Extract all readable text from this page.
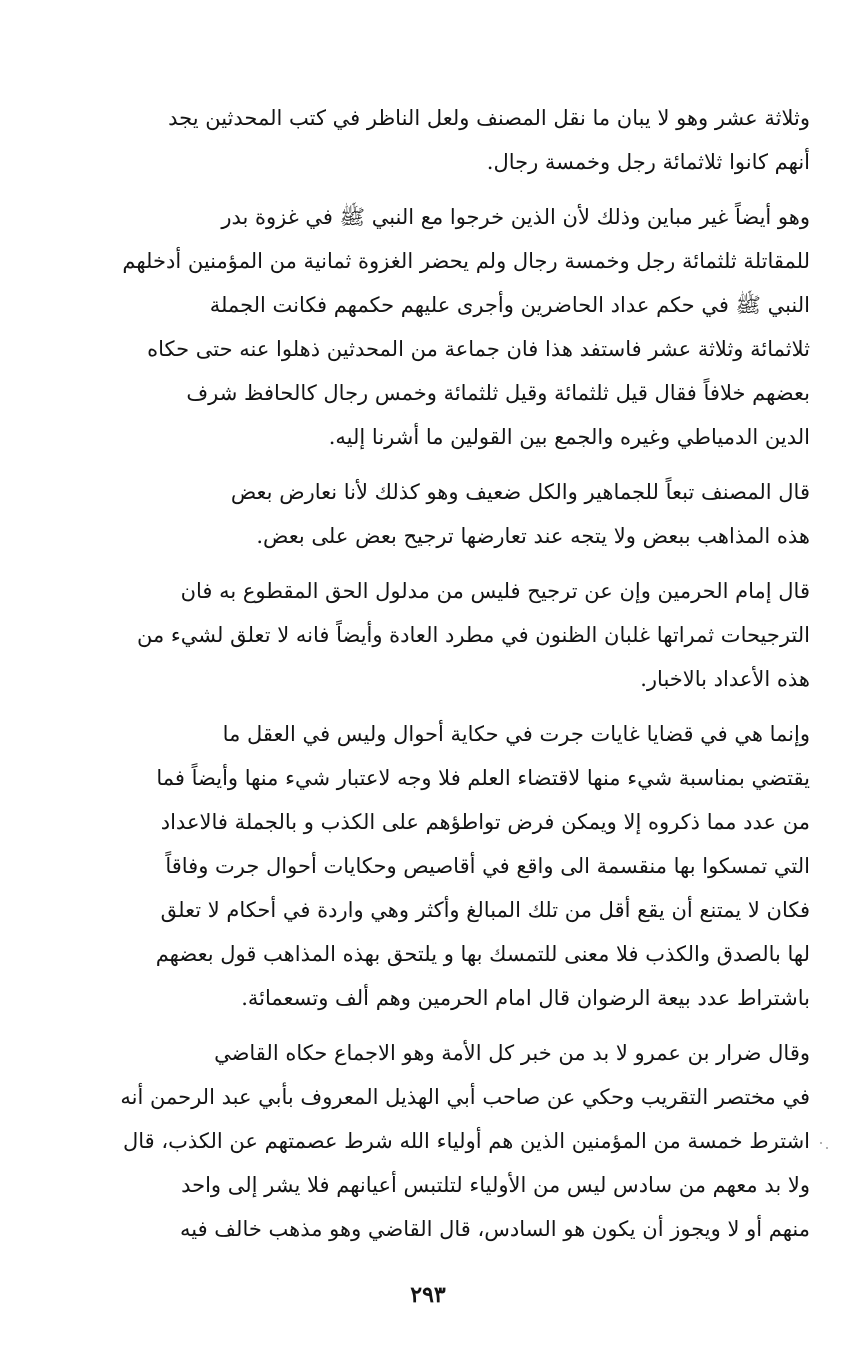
وثلاثة عشر وهو لا يبان ما نقل المصنف ولعل الناظر في كتب المحدثين يجد
أنهم كانوا ثلاثمائة رجل وخمسة رجال.
وهو أيضاً غير مباين وذلك لأن الذين خرجوا مع النبي ﷺ في غزوة بدر
للمقاتلة ثلثمائة رجل وخمسة رجال ولم يحضر الغزوة ثمانية من المؤمنين أدخلهم
النبي ﷺ في حكم عداد الحاضرين وأجرى عليهم حكمهم فكانت الجملة
ثلاثمائة وثلاثة عشر فاستفد هذا فان جماعة من المحدثين ذهلوا عنه حتى حكاه
بعضهم خلافاً فقال قيل ثلثمائة وقيل ثلثمائة وخمس رجال كالحافظ شرف
الدين الدمياطي وغيره والجمع بين القولين ما أشرنا إليه.
قال المصنف تبعاً للجماهير والكل ضعيف وهو كذلك لأنا نعارض بعض
هذه المذاهب ببعض ولا يتجه عند تعارضها ترجيح بعض على بعض.
قال إمام الحرمين وإن عن ترجيح فليس من مدلول الحق المقطوع به فان
الترجيحات ثمراتها غلبان الظنون في مطرد العادة وأيضاً فانه لا تعلق لشيء من
هذه الأعداد بالاخبار.
وإنما هي في قضايا غايات جرت في حكاية أحوال وليس في العقل ما
يقتضي بمناسبة شيء منها لاقتضاء العلم فلا وجه لاعتبار شيء منها وأيضاً فما
من عدد مما ذكروه إلا ويمكن فرض تواطؤهم على الكذب و بالجملة فالاعداد
التي تمسكوا بها منقسمة الى واقع في أقاصيص وحكايات أحوال جرت وفاقاً
فكان لا يمتنع أن يقع أقل من تلك المبالغ وأكثر وهي واردة في أحكام لا تعلق
لها بالصدق والكذب فلا معنى للتمسك بها و يلتحق بهذه المذاهب قول بعضهم
باشتراط عدد بيعة الرضوان قال امام الحرمين وهم ألف وتسعمائة.
وقال ضرار بن عمرو لا بد من خبر كل الأمة وهو الاجماع حكاه القاضي
في مختصر التقريب وحكي عن صاحب أبي الهذيل المعروف بأبي عبد الرحمن أنه
اشترط خمسة من المؤمنين الذين هم أولياء الله شرط عصمتهم عن الكذب، قال
ولا بد معهم من سادس ليس من الأولياء لتلتبس أعيانهم فلا يشر إلى واحد
منهم أو لا ويجوز أن يكون هو السادس، قال القاضي وهو مذهب خالف فيه
٢٩٣
